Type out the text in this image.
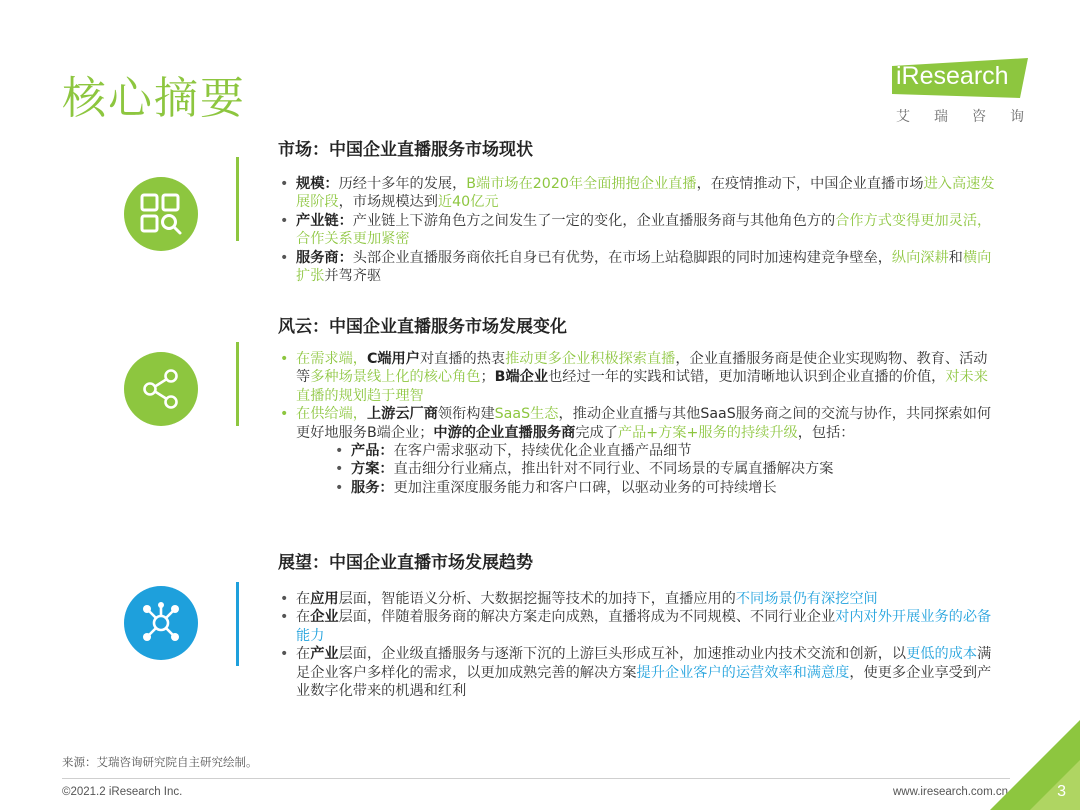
核心摘要	iResearch
艾 瑞 咨 询
市场：中国企业直播服务市场现状
• 规模：历经十多年的发展，B端市场在2020年全面拥抱企业直播，在疫情推动下，中国企业直播市场进入高速发展阶段，市场规模达到近40亿元
• 产业链：产业链上下游角色方之间发生了一定的变化，企业直播服务商与其他角色方的合作方式变得更加灵活，合作关系更加紧密
• 服务商：头部企业直播服务商依托自身已有优势，在市场上站稳脚跟的同时加速构建竞争壁垒，纵向深耕和横向扩张并驾齐驱
风云：中国企业直播服务市场发展变化
• 在需求端，C端用户对直播的热衷推动更多企业积极探索直播，企业直播服务商是使企业实现购物、教育、活动等多种场景线上化的核心角色；B端企业也经过一年的实践和试错，更加清晰地认识到企业直播的价值，对未来直播的规划趋于理智
• 在供给端，上游云厂商领衔构建SaaS生态，推动企业直播与其他SaaS服务商之间的交流与协作，共同探索如何更好地服务B端企业；中游的企业直播服务商完成了产品+方案+服务的持续升级，包括：
• 产品：在客户需求驱动下，持续优化企业直播产品细节
• 方案：直击细分行业痛点，推出针对不同行业、不同场景的专属直播解决方案
• 服务：更加注重深度服务能力和客户口碑，以驱动业务的可持续增长
展望：中国企业直播市场发展趋势
• 在应用层面，智能语义分析、大数据挖掘等技术的加持下，直播应用的不同场景仍有深挖空间
• 在企业层面，伴随着服务商的解决方案走向成熟，直播将成为不同规模、不同行业企业对内对外开展业务的必备能力
• 在产业层面，企业级直播服务与逐渐下沉的上游巨头形成互补，加速推动业内技术交流和创新，以更低的成本满足企业客户多样化的需求，以更加成熟完善的解决方案提升企业客户的运营效率和满意度，使更多企业享受到产业数字化带来的机遇和红利
来源：艾瑞咨询研究院自主研究绘制。
©2021.2 iResearch Inc.	www.iresearch.com.cn	3
